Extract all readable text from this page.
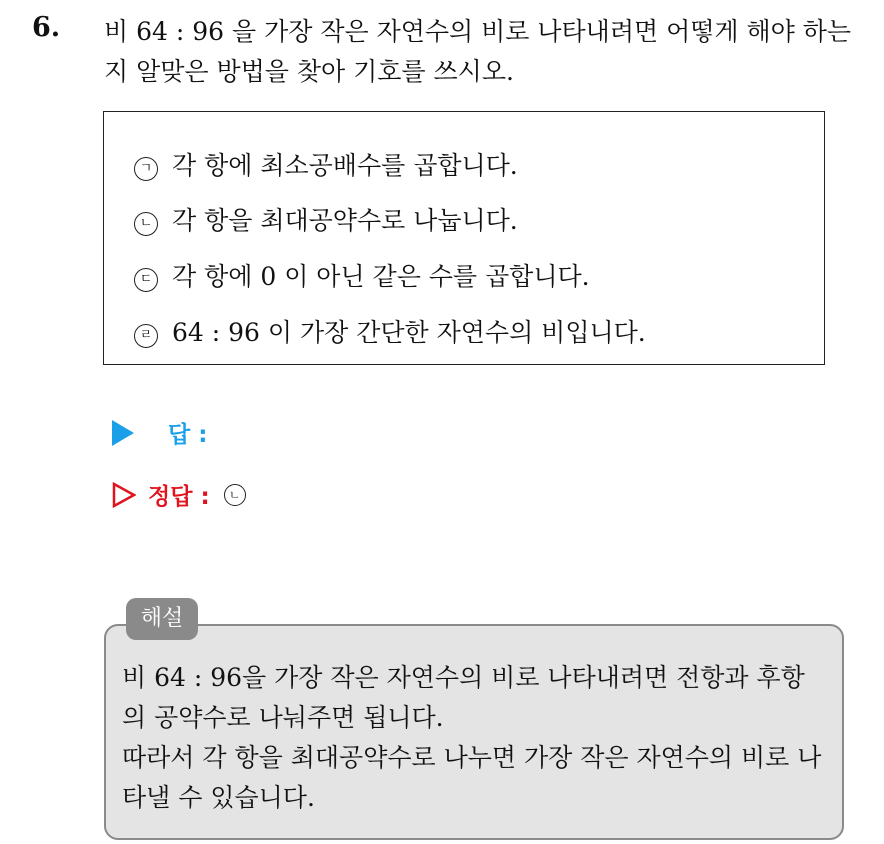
6. 비 64 : 96 을 가장 작은 자연수의 비로 나타내려면 어떻게 해야 하는지 알맞은 방법을 찾아 기호를 쓰시오.
ㄱ 각 항에 최소공배수를 곱합니다.
ㄴ 각 항을 최대공약수로 나눕니다.
ㄷ 각 항에 0 이 아닌 같은 수를 곱합니다.
ㄹ 64 : 96 이 가장 간단한 자연수의 비입니다.
답 :
정답 : ㄴ
해설
비 64 : 96을 가장 작은 자연수의 비로 나타내려면 전항과 후항의 공약수로 나눠주면 됩니다.
따라서 각 항을 최대공약수로 나누면 가장 작은 자연수의 비로 나타낼 수 있습니다.
